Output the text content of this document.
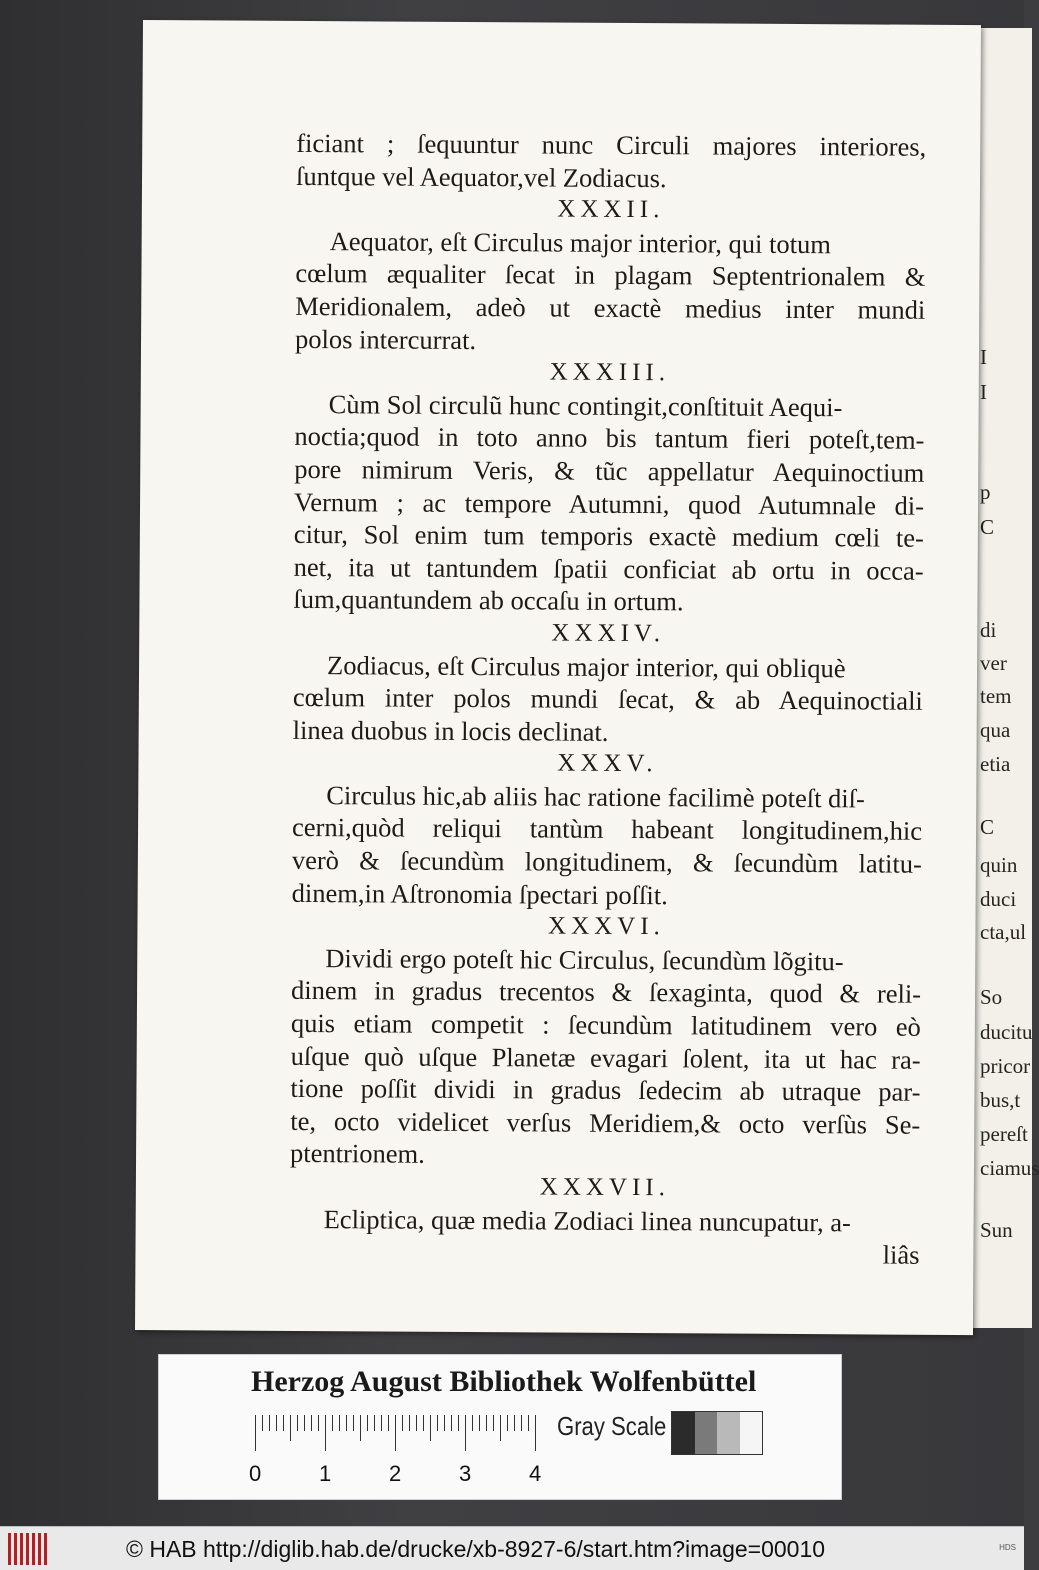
I
I
p
C
di
ver
tem
qua
etia
C
quin
duci
cta,ul
So
ducitu
pricor
bus,t
pereſt
ciamus
Sun
ficiant ; ſequuntur nunc Circuli majores interiores,
ſuntque vel Aequator,vel Zodiacus.
XXXII.
Aequator, eſt Circulus major interior, qui totum
cœlum æqualiter ſecat in plagam Septentrionalem &
Meridionalem, adeò ut exactè medius inter mundi
polos intercurrat.
XXXIII.
Cùm Sol circulũ hunc contingit,conſtituit Aequi-
noctia;quod in toto anno bis tantum fieri poteſt,tem-
pore nimirum Veris, & tũc appellatur Aequinoctium
Vernum ; ac tempore Autumni, quod Autumnale di-
citur, Sol enim tum temporis exactè medium cœli te-
net, ita ut tantundem ſpatii conficiat ab ortu in occa-
ſum,quantundem ab occaſu in ortum.
XXXIV.
Zodiacus, eſt Circulus major interior, qui obliquè
cœlum inter polos mundi ſecat, & ab Aequinoctiali
linea duobus in locis declinat.
XXXV.
Circulus hic,ab aliis hac ratione facilimè poteſt diſ-
cerni,quòd reliqui tantùm habeant longitudinem,hic
verò & ſecundùm longitudinem, & ſecundùm latitu-
dinem,in Aſtronomia ſpectari poſſit.
XXXVI.
Dividi ergo poteſt hic Circulus, ſecundùm lõgitu-
dinem in gradus trecentos & ſexaginta, quod & reli-
quis etiam competit : ſecundùm latitudinem vero eò
uſque quò uſque Planetæ evagari ſolent, ita ut hac ra-
tione poſſit dividi in gradus ſedecim ab utraque par-
te, octo videlicet verſus Meridiem,& octo verſùs Se-
ptentrionem.
XXXVII.
Ecliptica, quæ media Zodiaci linea nuncupatur, a-
liâs
Herzog August Bibliothek Wolfenbüttel
0	1	2	3	4
Gray Scale
© HAB http://diglib.hab.de/drucke/xb-8927-6/start.htm?image=00010	HDS
